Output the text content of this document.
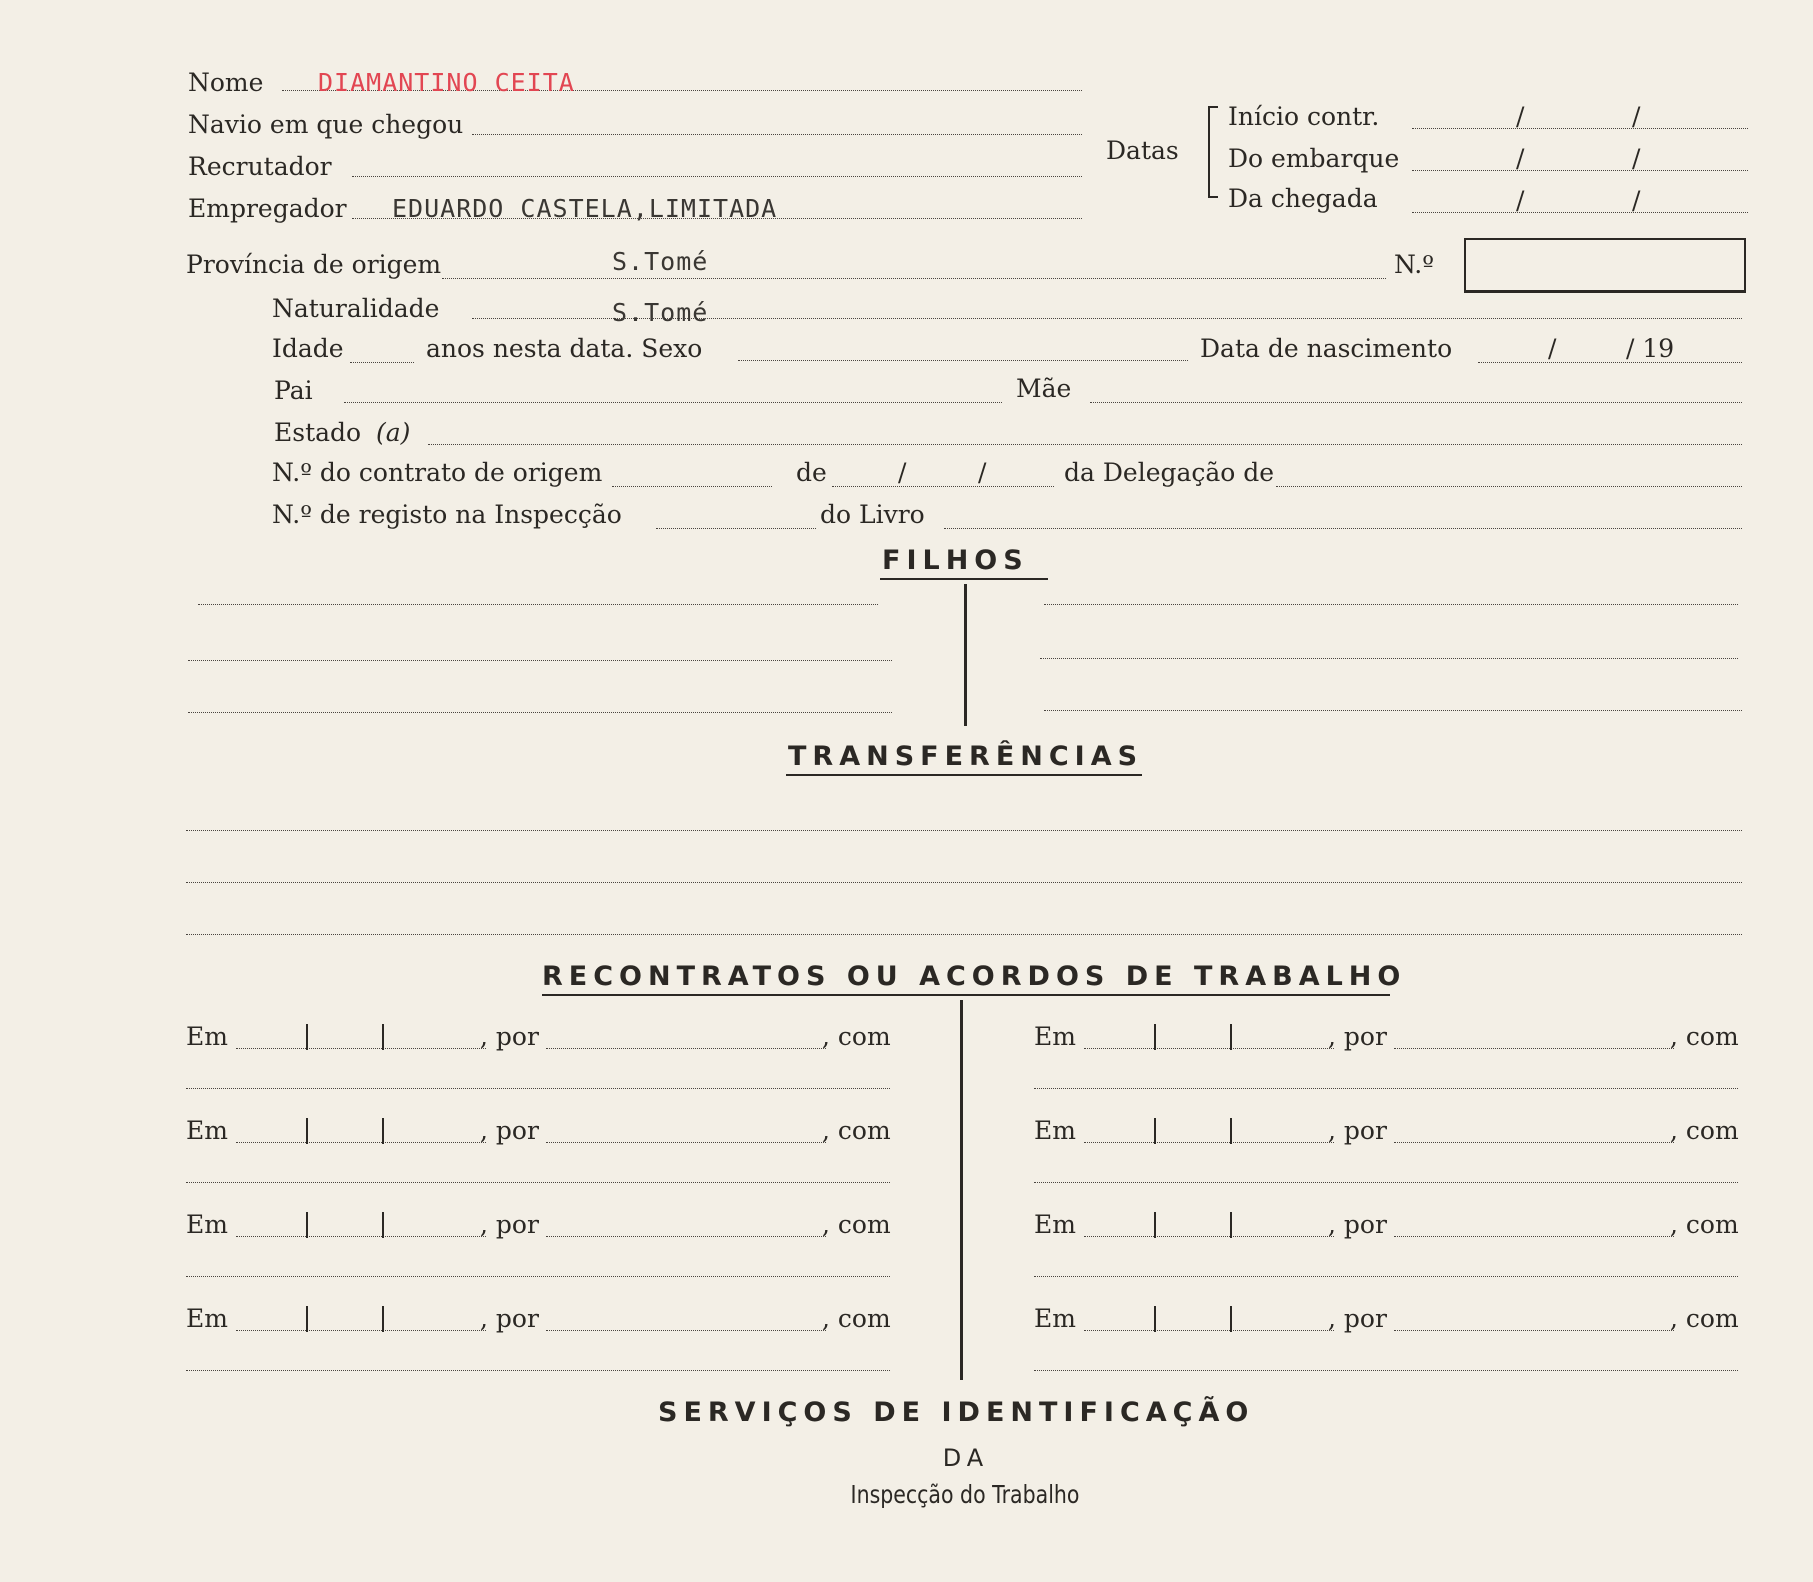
Nome DIAMANTINO CEITA
Navio em que chegou
Recrutador
Empregador EDUARDO CASTELA,LIMITADA
Datas
Início contr.	/	/
Do embarque	/	/
Da chegada	/	/
Província de origem	S.Tomé	N.º
Naturalidade	S.Tomé
Idade	anos nesta data. Sexo	Data de nascimento	/	/ 19
Pai	Mãe
Estado (a)
N.º do contrato de origem	de	/	/	da Delegação de
N.º de registo na Inspecção	do Livro
FILHOS
TRANSFERÊNCIAS
RECONTRATOS OU ACORDOS DE TRABALHO
Em	, por	, com
Em	, por	, com
Em	, por	, com
Em	, por	, com
Em	, por	, com
Em	, por	, com
Em	, por	, com
Em	, por	, com
SERVIÇOS DE IDENTIFICAÇÃO
DA
Inspecção do Trabalho
